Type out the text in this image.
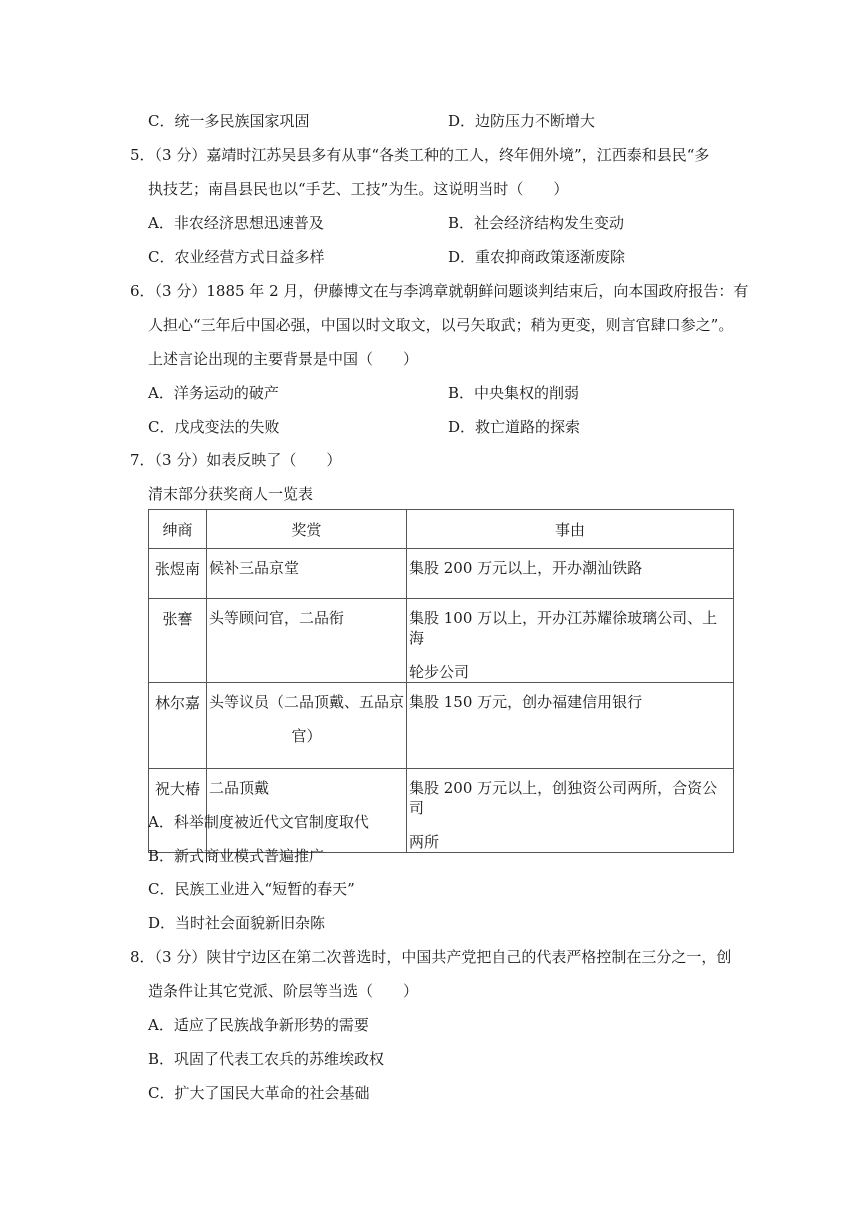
C．统一多民族国家巩固	D．边防压力不断增大
5．（3 分）嘉靖时江苏吴县多有从事“各类工种的工人，终年佣外境”，江西泰和县民“多
执技艺；南昌县民也以“手艺、工技”为生。这说明当时（　　）
A．非农经济思想迅速普及	B．社会经济结构发生变动
C．农业经营方式日益多样	D．重农抑商政策逐渐废除
6．（3 分）1885 年 2 月，伊藤博文在与李鸿章就朝鲜问题谈判结束后，向本国政府报告：有
人担心“三年后中国必强，中国以时文取文，以弓矢取武；稍为更变，则言官肆口参之”。
上述言论出现的主要背景是中国（　　）
A．洋务运动的破产	B．中央集权的削弱
C．戊戌变法的失败	D．救亡道路的探索
7．（3 分）如表反映了（　　）
清末部分获奖商人一览表
绅商	奖赏	事由
张煜南	候补三品京堂	集股 200 万元以上，开办潮汕铁路
张謇	头等顾问官，二品衔	集股 100 万以上，开办江苏耀徐玻璃公司、上海
轮步公司

林尔嘉	头等议员（二品顶戴、五品京
官）	集股 150 万元，创办福建信用银行
祝大椿	二品顶戴	集股 200 万元以上，创独资公司两所，合资公司
两所
A．科举制度被近代文官制度取代
B．新式商业模式普遍推广
C．民族工业进入“短暂的春天”
D．当时社会面貌新旧杂陈
8．（3 分）陕甘宁边区在第二次普选时，中国共产党把自己的代表严格控制在三分之一，创
造条件让其它党派、阶层等当选（　　）
A．适应了民族战争新形势的需要
B．巩固了代表工农兵的苏维埃政权
C．扩大了国民大革命的社会基础
